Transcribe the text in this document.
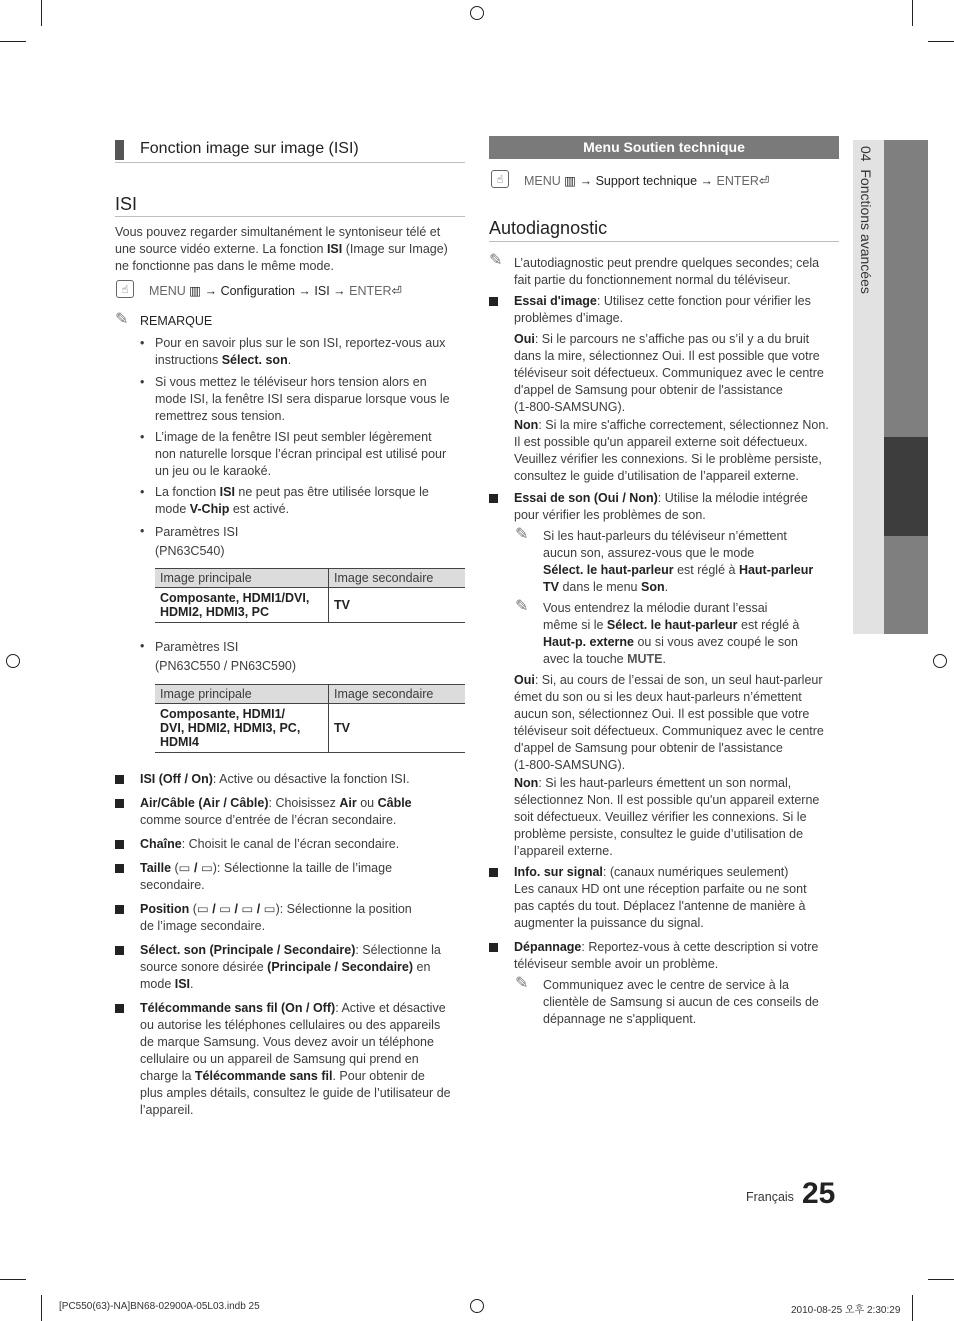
Fonction image sur image (ISI)
ISI
Vous pouvez regarder simultanément le syntoniseur télé et
une source vidéo externe. La fonction ISI (Image sur Image)
ne fonctionne pas dans le même mode.
☝	MENU ▥ → Configuration → ISI → ENTER⏎
✎ REMARQUE
• Pour en savoir plus sur le son ISI, reportez-vous aux
instructions Sélect. son.
• Si vous mettez le téléviseur hors tension alors en
mode ISI, la fenêtre ISI sera disparue lorsque vous le
remettrez sous tension.
• L’image de la fenêtre ISI peut sembler légèrement
non naturelle lorsque l’écran principal est utilisé pour
un jeu ou le karaoké.
• La fonction ISI ne peut pas être utilisée lorsque le
mode V-Chip est activé.
• Paramètres ISI
(PN63C540)
Image principale	Image secondaire

Composante, HDMI1/DVI,
HDMI2, HDMI3, PC	TV
• Paramètres ISI
(PN63C550 / PN63C590)
Image principale	Image secondaire

Composante, HDMI1/
DVI, HDMI2, HDMI3, PC,
HDMI4	TV
ISI (Off / On): Active ou désactive la fonction ISI.
Air/Câble (Air / Câble): Choisissez Air ou Câble
comme source d’entrée de l’écran secondaire.
Chaîne: Choisit le canal de l’écran secondaire.
Taille (▭ / ▭): Sélectionne la taille de l’image
secondaire.
Position (▭ / ▭ / ▭ / ▭): Sélectionne la position
de l’image secondaire.
Sélect. son (Principale / Secondaire): Sélectionne la
source sonore désirée (Principale / Secondaire) en
mode ISI.
Télécommande sans fil (On / Off): Active et désactive
ou autorise les téléphones cellulaires ou des appareils
de marque Samsung. Vous devez avoir un téléphone
cellulaire ou un appareil de Samsung qui prend en
charge la Télécommande sans fil. Pour obtenir de
plus amples détails, consultez le guide de l’utilisateur de
l’appareil.
Menu Soutien technique
☝	MENU ▥ → Support technique → ENTER⏎
Autodiagnostic
✎ L’autodiagnostic peut prendre quelques secondes; cela
fait partie du fonctionnement normal du téléviseur.
Essai d'image: Utilisez cette fonction pour vérifier les
problèmes d’image.
Oui: Si le parcours ne s’affiche pas ou s’il y a du bruit
dans la mire, sélectionnez Oui. Il est possible que votre
téléviseur soit défectueux. Communiquez avec le centre
d'appel de Samsung pour obtenir de l'assistance
(1-800-SAMSUNG).
Non: Si la mire s'affiche correctement, sélectionnez Non.
Il est possible qu'un appareil externe soit défectueux.
Veuillez vérifier les connexions. Si le problème persiste,
consultez le guide d’utilisation de l’appareil externe.
Essai de son (Oui / Non): Utilise la mélodie intégrée
pour vérifier les problèmes de son.
✎ Si les haut-parleurs du téléviseur n’émettent
aucun son, assurez-vous que le mode
Sélect. le haut-parleur est réglé à Haut-parleur
TV dans le menu Son.
✎ Vous entendrez la mélodie durant l’essai
même si le Sélect. le haut-parleur est réglé à
Haut-p. externe ou si vous avez coupé le son
avec la touche MUTE.
Oui: Si, au cours de l’essai de son, un seul haut-parleur
émet du son ou si les deux haut-parleurs n’émettent
aucun son, sélectionnez Oui. Il est possible que votre
téléviseur soit défectueux. Communiquez avec le centre
d'appel de Samsung pour obtenir de l'assistance
(1-800-SAMSUNG).
Non: Si les haut-parleurs émettent un son normal,
sélectionnez Non. Il est possible qu'un appareil externe
soit défectueux. Veuillez vérifier les connexions. Si le
problème persiste, consultez le guide d’utilisation de
l’appareil externe.
Info. sur signal: (canaux numériques seulement)
Les canaux HD ont une réception parfaite ou ne sont
pas captés du tout. Déplacez l'antenne de manière à
augmenter la puissance du signal.
Dépannage: Reportez-vous à cette description si votre
téléviseur semble avoir un problème.
✎ Communiquez avec le centre de service à la
clientèle de Samsung si aucun de ces conseils de
dépannage ne s'appliquent.
04  Fonctions avancées
Français 25
[PC550(63)-NA]BN68-02900A-05L03.indb 25	2010-08-25 오후 2:30:29
